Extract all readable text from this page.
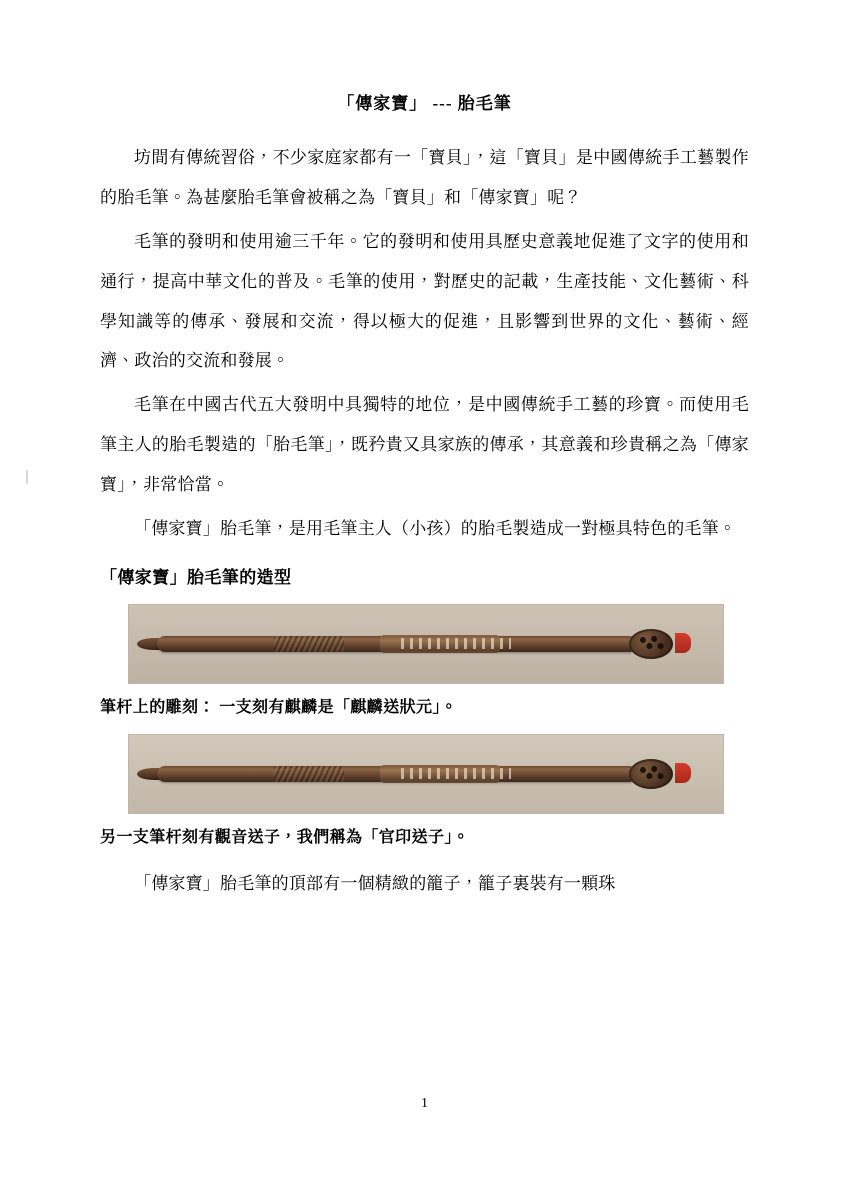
「傳家寶」 --- 胎毛筆

坊間有傳統習俗，不少家庭家都有一「寶貝」，這「寶貝」是中國傳統手工藝製作的胎毛筆。為甚麼胎毛筆會被稱之為「寶貝」和「傳家寶」呢？

毛筆的發明和使用逾三千年。它的發明和使用具歷史意義地促進了文字的使用和通行，提高中華文化的普及。毛筆的使用，對歷史的記載，生產技能、文化藝術、科學知識等的傳承、發展和交流，得以極大的促進，且影響到世界的文化、藝術、經濟、政治的交流和發展。

毛筆在中國古代五大發明中具獨特的地位，是中國傳統手工藝的珍寶。而使用毛筆主人的胎毛製造的「胎毛筆」，既矜貴又具家族的傳承，其意義和珍貴稱之為「傳家寶」，非常恰當。

「傳家寶」胎毛筆，是用毛筆主人（小孩）的胎毛製造成一對極具特色的毛筆。

「傳家寶」胎毛筆的造型
筆杆上的雕刻： 一支刻有麒麟是「麒麟送狀元」。
另一支筆杆刻有觀音送子，我們稱為「官印送子」。

「傳家寶」胎毛筆的頂部有一個精緻的籠子，籠子裏裝有一顆珠

1
